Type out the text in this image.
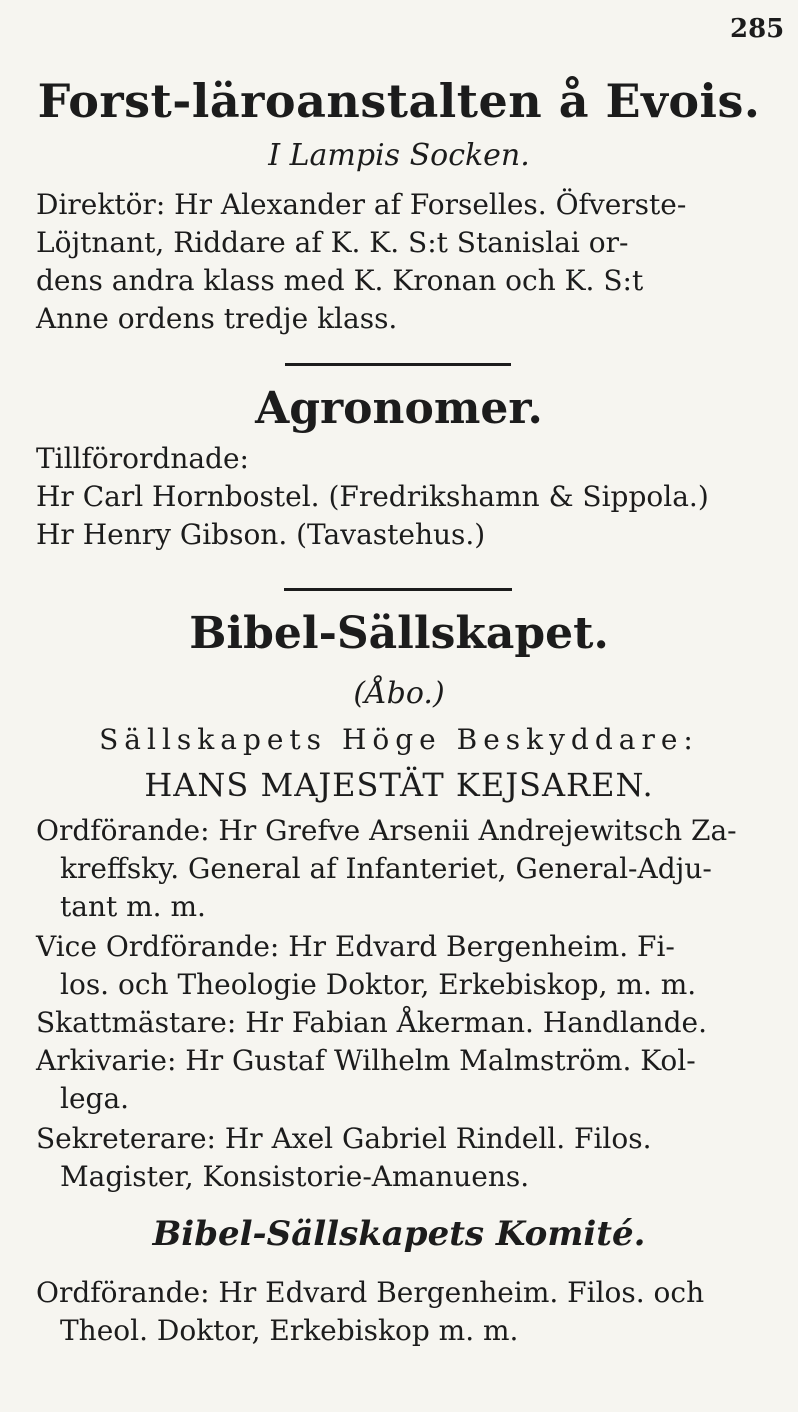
285
Forst-läroanstalten å Evois.
I Lampis Socken.
Direktör: Hr Alexander af Forselles. Öfverste-
Löjtnant, Riddare af K. K. S:t Stanislai or-
dens andra klass med K. Kronan och K. S:t
Anne ordens tredje klass.
Agronomer.
Tillförordnade:
Hr Carl Hornbostel. (Fredrikshamn & Sippola.)
Hr Henry Gibson. (Tavastehus.)
Bibel-Sällskapet.
(Åbo.)
Sällskapets Höge Beskyddare:
HANS MAJESTÄT KEJSAREN.
Ordförande: Hr Grefve Arsenii Andrejewitsch Za-
kreffsky. General af Infanteriet, General-Adju-
tant m. m.
Vice Ordförande: Hr Edvard Bergenheim. Fi-
los. och Theologie Doktor, Erkebiskop, m. m.
Skattmästare: Hr Fabian Åkerman. Handlande.
Arkivarie: Hr Gustaf Wilhelm Malmström. Kol-
lega.
Sekreterare: Hr Axel Gabriel Rindell. Filos.
Magister, Konsistorie-Amanuens.
Bibel-Sällskapets Komité.
Ordförande: Hr Edvard Bergenheim. Filos. och
Theol. Doktor, Erkebiskop m. m.
